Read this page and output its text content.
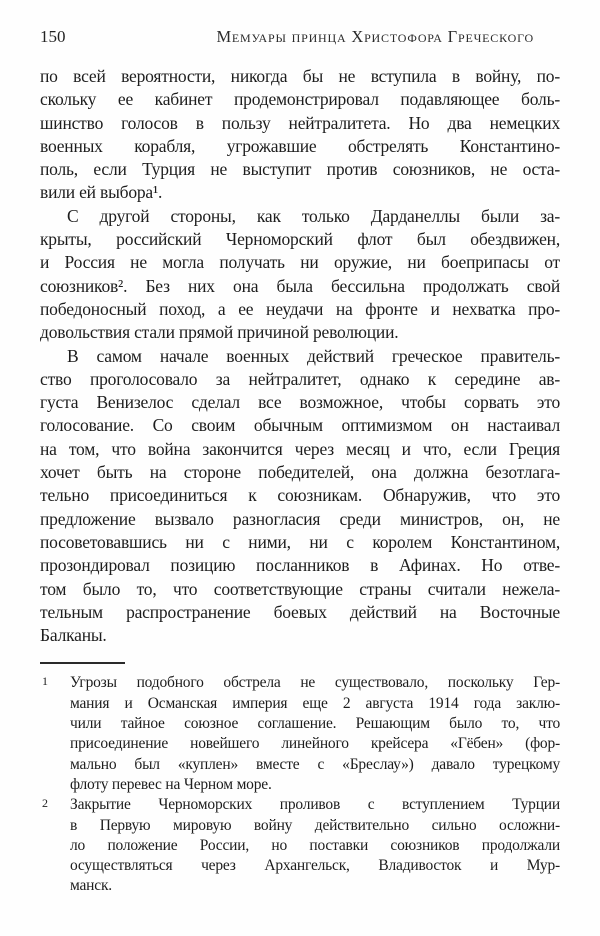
150	Мемуары принца Христофора Греческого
по всей вероятности, никогда бы не вступила в войну, по-
скольку ее кабинет продемонстрировал подавляющее боль-
шинство голосов в пользу нейтралитета. Но два немецких
военных корабля, угрожавшие обстрелять Константино-
поль, если Турция не выступит против союзников, не оста-
вили ей выбора¹.
С другой стороны, как только Дарданеллы были за-
крыты, российский Черноморский флот был обездвижен,
и Россия не могла получать ни оружие, ни боеприпасы от
союзников². Без них она была бессильна продолжать свой
победоносный поход, а ее неудачи на фронте и нехватка про-
довольствия стали прямой причиной революции.
В самом начале военных действий греческое правитель-
ство проголосовало за нейтралитет, однако к середине ав-
густа Венизелос сделал все возможное, чтобы сорвать это
голосование. Со своим обычным оптимизмом он настаивал
на том, что война закончится через месяц и что, если Греция
хочет быть на стороне победителей, она должна безотлага-
тельно присоединиться к союзникам. Обнаружив, что это
предложение вызвало разногласия среди министров, он, не
посоветовавшись ни с ними, ни с королем Константином,
прозондировал позицию посланников в Афинах. Но отве-
том было то, что соответствующие страны считали нежела-
тельным распространение боевых действий на Восточные
Балканы.
1 Угрозы подобного обстрела не существовало, поскольку Гер-
мания и Османская империя еще 2 августа 1914 года заклю-
чили тайное союзное соглашение. Решающим было то, что
присоединение новейшего линейного крейсера «Гёбен» (фор-
мально был «куплен» вместе с «Бреслау») давало турецкому
флоту перевес на Черном море.
2 Закрытие Черноморских проливов с вступлением Турции
в Первую мировую войну действительно сильно осложни-
ло положение России, но поставки союзников продолжали
осуществляться через Архангельск, Владивосток и Мур-
манск.
